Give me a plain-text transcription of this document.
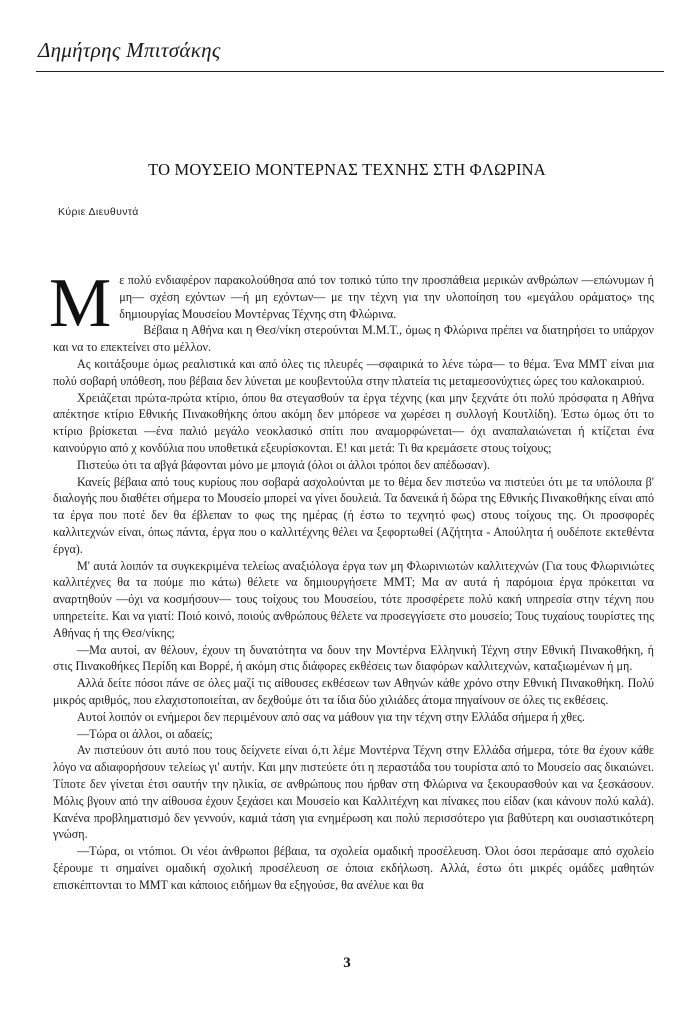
Δημήτρης Μπιτσάκης
ΤΟ ΜΟΥΣΕΙΟ ΜΟΝΤΕΡΝΑΣ ΤΕΧΝΗΣ ΣΤΗ ΦΛΩΡΙΝΑ
Κύριε Διευθυντά

Με πολύ ενδιαφέρον παρακολούθησα από τον τοπικό τύπο την προσπάθεια μερικών ανθρώπων —επώνυμων ή μη— σχέση εχόντων —ή μη εχόντων— με την τέχνη για την υλοποίηση του «μεγάλου οράματος» της δημιουργίας Μουσείου Μοντέρνας Τέχνης στη Φλώρινα.

Βέβαια η Αθήνα και η Θεσ/νίκη στερούνται Μ.Μ.Τ., όμως η Φλώρινα πρέπει να διατηρήσει το υπάρχον και να το επεκτείνει στο μέλλον.

Ας κοιτάξουμε όμως ρεαλιστικά και από όλες τις πλευρές —σφαιρικά το λένε τώρα— το θέμα. Ένα ΜΜΤ είναι μια πολύ σοβαρή υπόθεση, που βέβαια δεν λύνεται με κουβεντούλα στην πλατεία τις μεταμεσονύχτιες ώρες του καλοκαιριού.

Χρειάζεται πρώτα-πρώτα κτίριο, όπου θα στεγασθούν τα έργα τέχνης (και μην ξεχνάτε ότι πολύ πρόσφατα η Αθήνα απέκτησε κτίριο Εθνικής Πινακοθήκης όπου ακόμη δεν μπόρεσε να χωρέσει η συλλογή Κουτλίδη). Έστω όμως ότι το κτίριο βρίσκεται —ένα παλιό μεγάλο νεοκλασικό σπίτι που αναμορφώνεται— όχι αναπαλαιώνεται ή κτίζεται ένα καινούργιο από χ κονδύλια που υποθετικά εξευρίσκονται. Ε! και μετά: Τι θα κρεμάσετε στους τοίχους;

Πιστεύω ότι τα αβγά βάφονται μόνο με μπογιά (όλοι οι άλλοι τρόποι δεν απέδωσαν).

Κανείς βέβαια από τους κυρίους που σοβαρά ασχολούνται με το θέμα δεν πιστεύω να πιστεύει ότι με τα υπόλοιπα β' διαλογής που διαθέτει σήμερα το Μουσείο μπορεί να γίνει δουλειά. Τα δανεικά ή δώρα της Εθνικής Πινακοθήκης είναι από τα έργα που ποτέ δεν θα έβλεπαν το φως της ημέρας (ή έστω το τεχνητό φως) στους τοίχους της. Οι προσφορές καλλιτεχνών είναι, όπως πάντα, έργα που ο καλλιτέχνης θέλει να ξεφορτωθεί (Αζήτητα - Απούλητα ή ουδέποτε εκτεθέντα έργα).

Μ' αυτά λοιπόν τα συγκεκριμένα τελείως αναξιόλογα έργα των μη Φλωρινιωτών καλλιτεχνών (Για τους Φλωρινιώτες καλλιτέχνες θα τα πούμε πιο κάτω) θέλετε να δημιουργήσετε ΜΜΤ; Μα αν αυτά ή παρόμοια έργα πρόκειται να αναρτηθούν —όχι να κοσμήσουν— τους τοίχους του Μουσείου, τότε προσφέρετε πολύ κακή υπηρεσία στην τέχνη που υπηρετείτε. Και να γιατί: Ποιό κοινό, ποιούς ανθρώπους θέλετε να προσεγγίσετε στο μουσείο; Τους τυχαίους τουρίστες της Αθήνας ή της Θεσ/νίκης;

—Μα αυτοί, αν θέλουν, έχουν τη δυνατότητα να δουν την Μοντέρνα Ελληνική Τέχνη στην Εθνική Πινακοθήκη, ή στις Πινακοθήκες Περίδη και Βορρέ, ή ακόμη στις διάφορες εκθέσεις των διαφόρων καλλιτεχνών, καταξιωμένων ή μη.

Αλλά δείτε πόσοι πάνε σε όλες μαζί τις αίθουσες εκθέσεων των Αθηνών κάθε χρόνο στην Εθνική Πινακοθήκη. Πολύ μικρός αριθμός, που ελαχιστοποιείται, αν δεχθούμε ότι τα ίδια δύο χιλιάδες άτομα πηγαίνουν σε όλες τις εκθέσεις.

Αυτοί λοιπόν οι ενήμεροι δεν περιμένουν από σας να μάθουν για την τέχνη στην Ελλάδα σήμερα ή χθες.

—Τώρα οι άλλοι, οι αδαείς;

Αν πιστεύουν ότι αυτό που τους δείχνετε είναι ό,τι λέμε Μοντέρνα Τέχνη στην Ελλάδα σήμερα, τότε θα έχουν κάθε λόγο να αδιαφορήσουν τελείως γι' αυτήν. Και μην πιστεύετε ότι η περαστάδα του τουρίστα από το Μουσείο σας δικαιώνει. Τίποτε δεν γίνεται έτσι σαυτήν την ηλικία, σε ανθρώπους που ήρθαν στη Φλώρινα να ξεκουρασθούν και να ξεσκάσουν. Μόλις βγουν από την αίθουσα έχουν ξεχάσει και Μουσείο και Καλλιτέχνη και πίνακες που είδαν (και κάνουν πολύ καλά). Κανένα προβληματισμό δεν γεννούν, καμιά τάση για ενημέρωση και πολύ περισσότερο για βαθύτερη και ουσιαστικότερη γνώση.

—Τώρα, οι ντόπιοι. Οι νέοι άνθρωποι βέβαια, τα σχολεία ομαδική προσέλευση. Όλοι όσοι περάσαμε από σχολείο ξέρουμε τι σημαίνει ομαδική σχολική προσέλευση σε όποια εκδήλωση. Αλλά, έστω ότι μικρές ομάδες μαθητών επισκέπτονται το ΜΜΤ και κάποιος ειδήμων θα εξηγούσε, θα ανέλυε και θα

3
